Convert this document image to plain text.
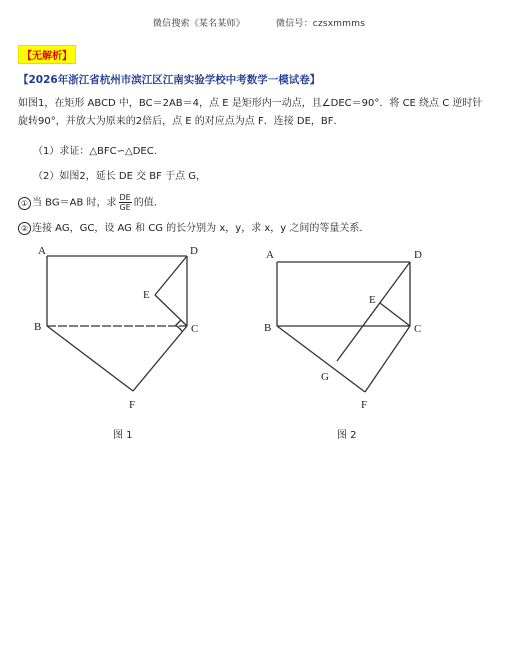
微信搜索《某名某师》	微信号：czsxmmms
【无解析】
【2026年浙江省杭州市滨江区江南实验学校中考数学一模试卷】
如图1，在矩形 ABCD 中，BC＝2AB＝4，点 E 是矩形内一动点，且∠DEC＝90°．将 CE 绕点 C 逆时针
旋转90°，并放大为原来的2倍后，点 E 的对应点为点 F．连接 DE，BF．
（1）求证：△BFC∽△DEC．
（2）如图2，延长 DE 交 BF 于点 G，
① 当 BG＝AB 时，求 $\frac{DE}{GE}$ 的值．
② 连接 AG，GC，设 AG 和 CG 的长分别为 x，y，求 x，y 之间的等量关系．
A	D
E
B	C
F
图 1
A	D
E
B	C
G
F
图 2
